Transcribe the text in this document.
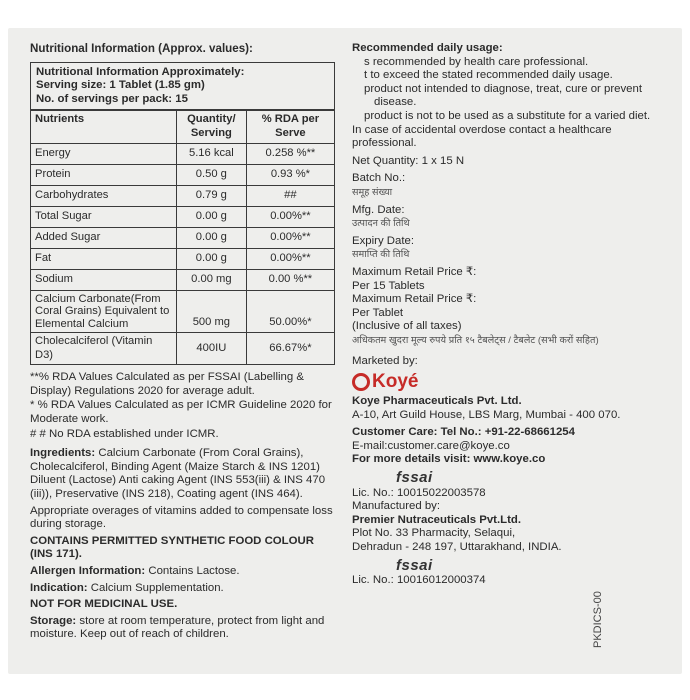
Nutritional Information (Approx. values):
Nutritional Information Approximately:
Serving size: 1 Tablet (1.85 gm)
No. of servings per pack: 15
Nutrients	Quantity/ Serving	% RDA per Serve
Energy	5.16 kcal	0.258 %**
Protein	0.50 g	0.93 %*
Carbohydrates	0.79 g	##
Total Sugar	0.00 g	0.00%**
Added Sugar	0.00 g	0.00%**
Fat	0.00 g	0.00%**
Sodium	0.00 mg	0.00 %**
Calcium Carbonate(From Coral Grains) Equivalent to Elemental Calcium	500 mg	50.00%*
Cholecalciferol (Vitamin D3)	400IU	66.67%*

**% RDA Values Calculated as per FSSAI (Labelling & Display) Regulations 2020 for average adult.

* % RDA Values Calculated as per ICMR Guideline 2020 for Moderate work.

# # No RDA established under ICMR.

Ingredients: Calcium Carbonate (From Coral Grains), Cholecalciferol, Binding Agent (Maize Starch & INS 1201) Diluent (Lactose) Anti caking Agent (INS 553(iii) & INS 470 (iii)), Preservative (INS 218), Coating agent (INS 464).

Appropriate overages of vitamins added to compensate loss during storage.

CONTAINS PERMITTED SYNTHETIC FOOD COLOUR (INS 171).

Allergen Information: Contains Lactose.

Indication: Calcium Supplementation.

NOT FOR MEDICINAL USE.

Storage: store at room temperature, protect from light and moisture. Keep out of reach of children.

Recommended daily usage:

s recommended by health care professional.

t to exceed the stated recommended daily usage.

product not intended to diagnose, treat, cure or prevent

disease.

product is not to be used as a substitute for a varied diet.

In case of accidental overdose contact a healthcare professional.

Net Quantity: 1 x 15 N

Batch No.:

समूह संख्या

Mfg. Date:

उत्पादन की तिथि

Expiry Date:

समाप्ति की तिथि

Maximum Retail Price ₹:

Per 15 Tablets

Maximum Retail Price ₹:

Per Tablet

(Inclusive of all taxes)

अधिकतम खुदरा मूल्य रुपये प्रति १५ टैबलेट्स / टैबलेट (सभी करों सहित)

Marketed by:

Koyé

Koye Pharmaceuticals Pvt. Ltd.

A-10, Art Guild House, LBS Marg, Mumbai - 400 070.

Customer Care: Tel No.: +91-22-68661254

E-mail:customer.care@koye.co

For more details visit: www.koye.co

fssai

Lic. No.: 10015022003578

Manufactured by:

Premier Nutraceuticals Pvt.Ltd.

Plot No. 33 Pharmacity, Selaqui,

Dehradun - 248 197, Uttarakhand, INDIA.

fssai

Lic. No.: 10016012000374

PKDICS-00
